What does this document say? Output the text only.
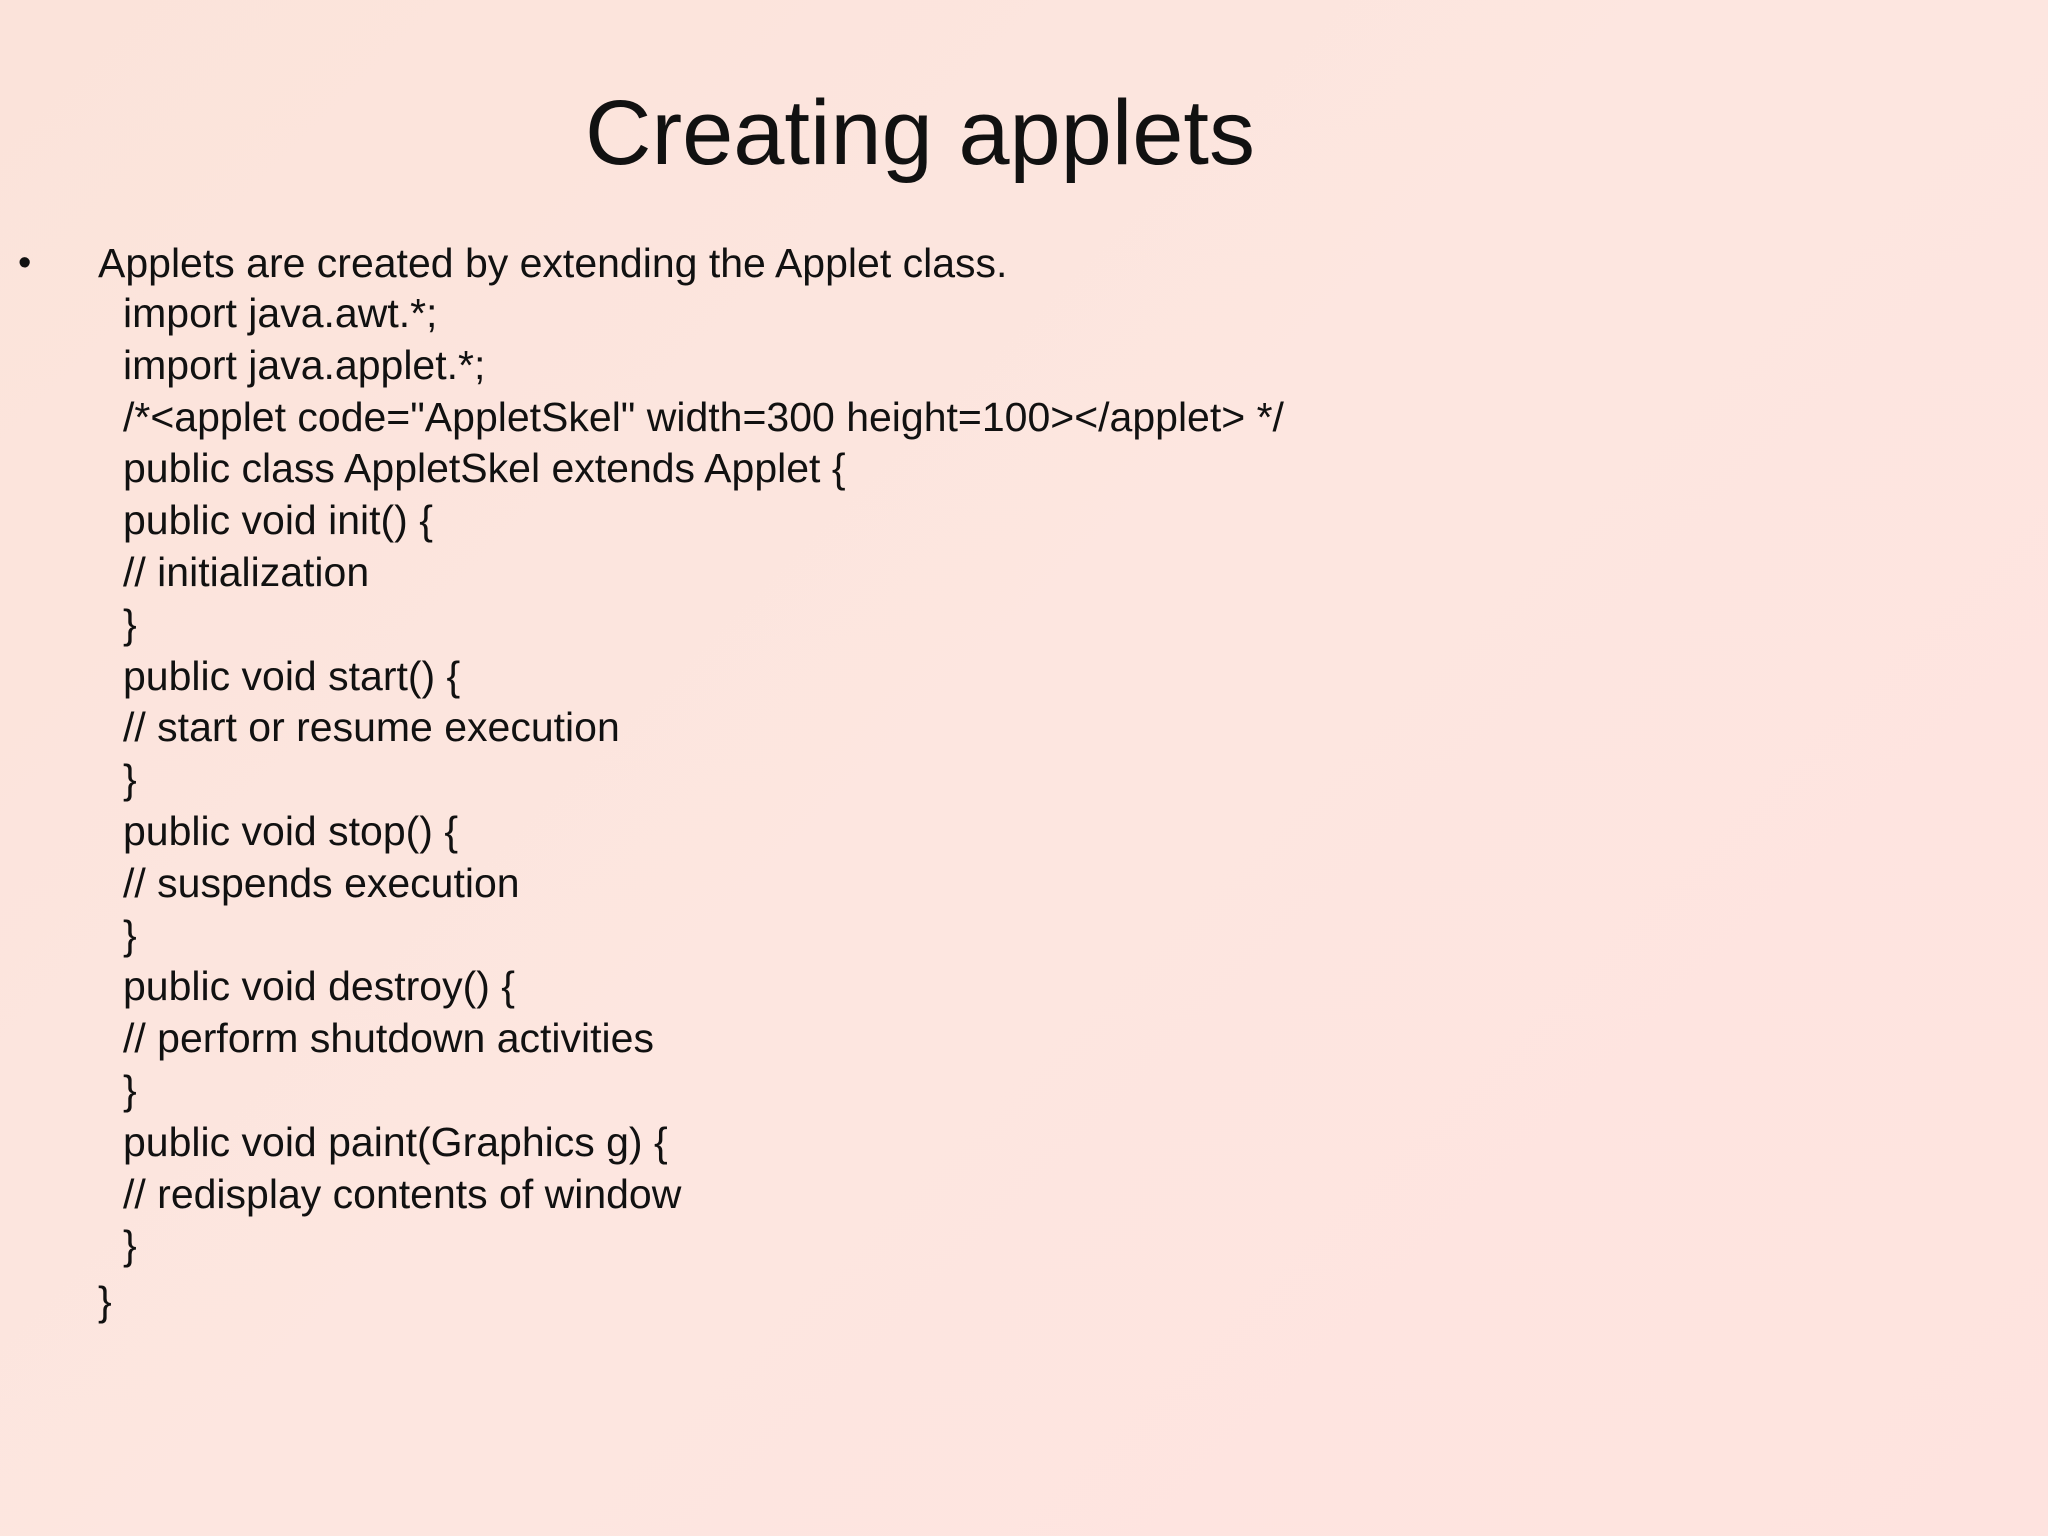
Creating applets
• Applets are created by extending the Applet class.
import java.awt.*;
import java.applet.*;
/*<applet code="AppletSkel" width=300 height=100></applet> */
public class AppletSkel extends Applet {
public void init() {
// initialization
}
public void start() {
// start or resume execution
}
public void stop() {
// suspends execution
}
public void destroy() {
// perform shutdown activities
}
public void paint(Graphics g) {
// redisplay contents of window
}
}
